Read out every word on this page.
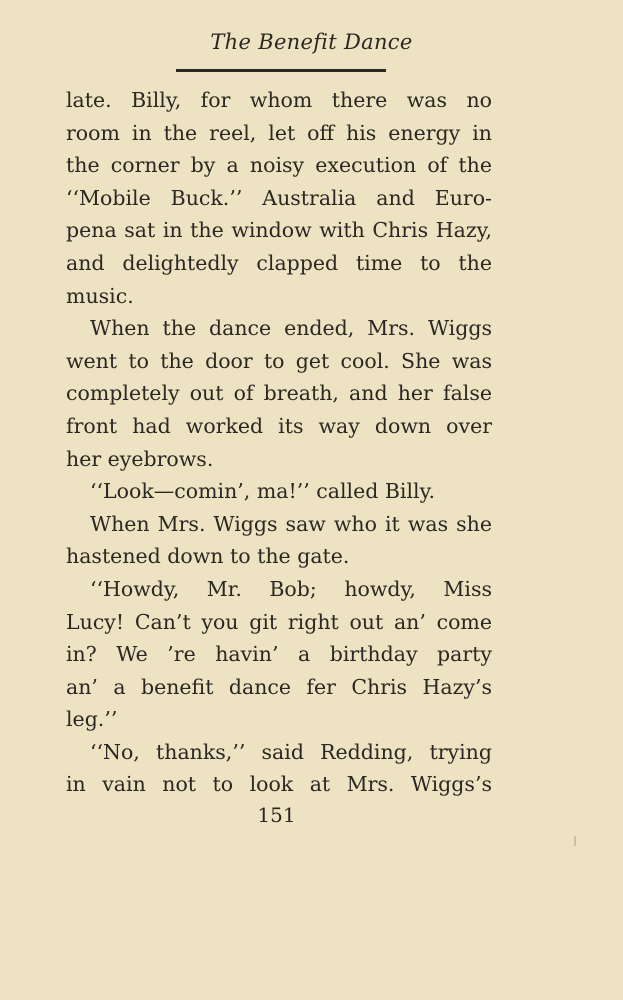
The Benefit Dance

late. Billy, for whom there was no
room in the reel, let off his energy in
the corner by a noisy execution of the
‘‘Mobile Buck.’’ Australia and Euro-
pena sat in the window with Chris Hazy,
and delightedly clapped time to the
music.

When the dance ended, Mrs. Wiggs
went to the door to get cool. She was
completely out of breath, and her false
front had worked its way down over
her eyebrows.

‘‘Look—comin’, ma!’’ called Billy.

When Mrs. Wiggs saw who it was she
hastened down to the gate.

‘‘Howdy, Mr. Bob; howdy, Miss
Lucy! Can’t you git right out an’ come
in? We ’re havin’ a birthday party
an’ a benefit dance fer Chris Hazy’s
leg.’’

‘‘No, thanks,’’ said Redding, trying
in vain not to look at Mrs. Wiggs’s

151
